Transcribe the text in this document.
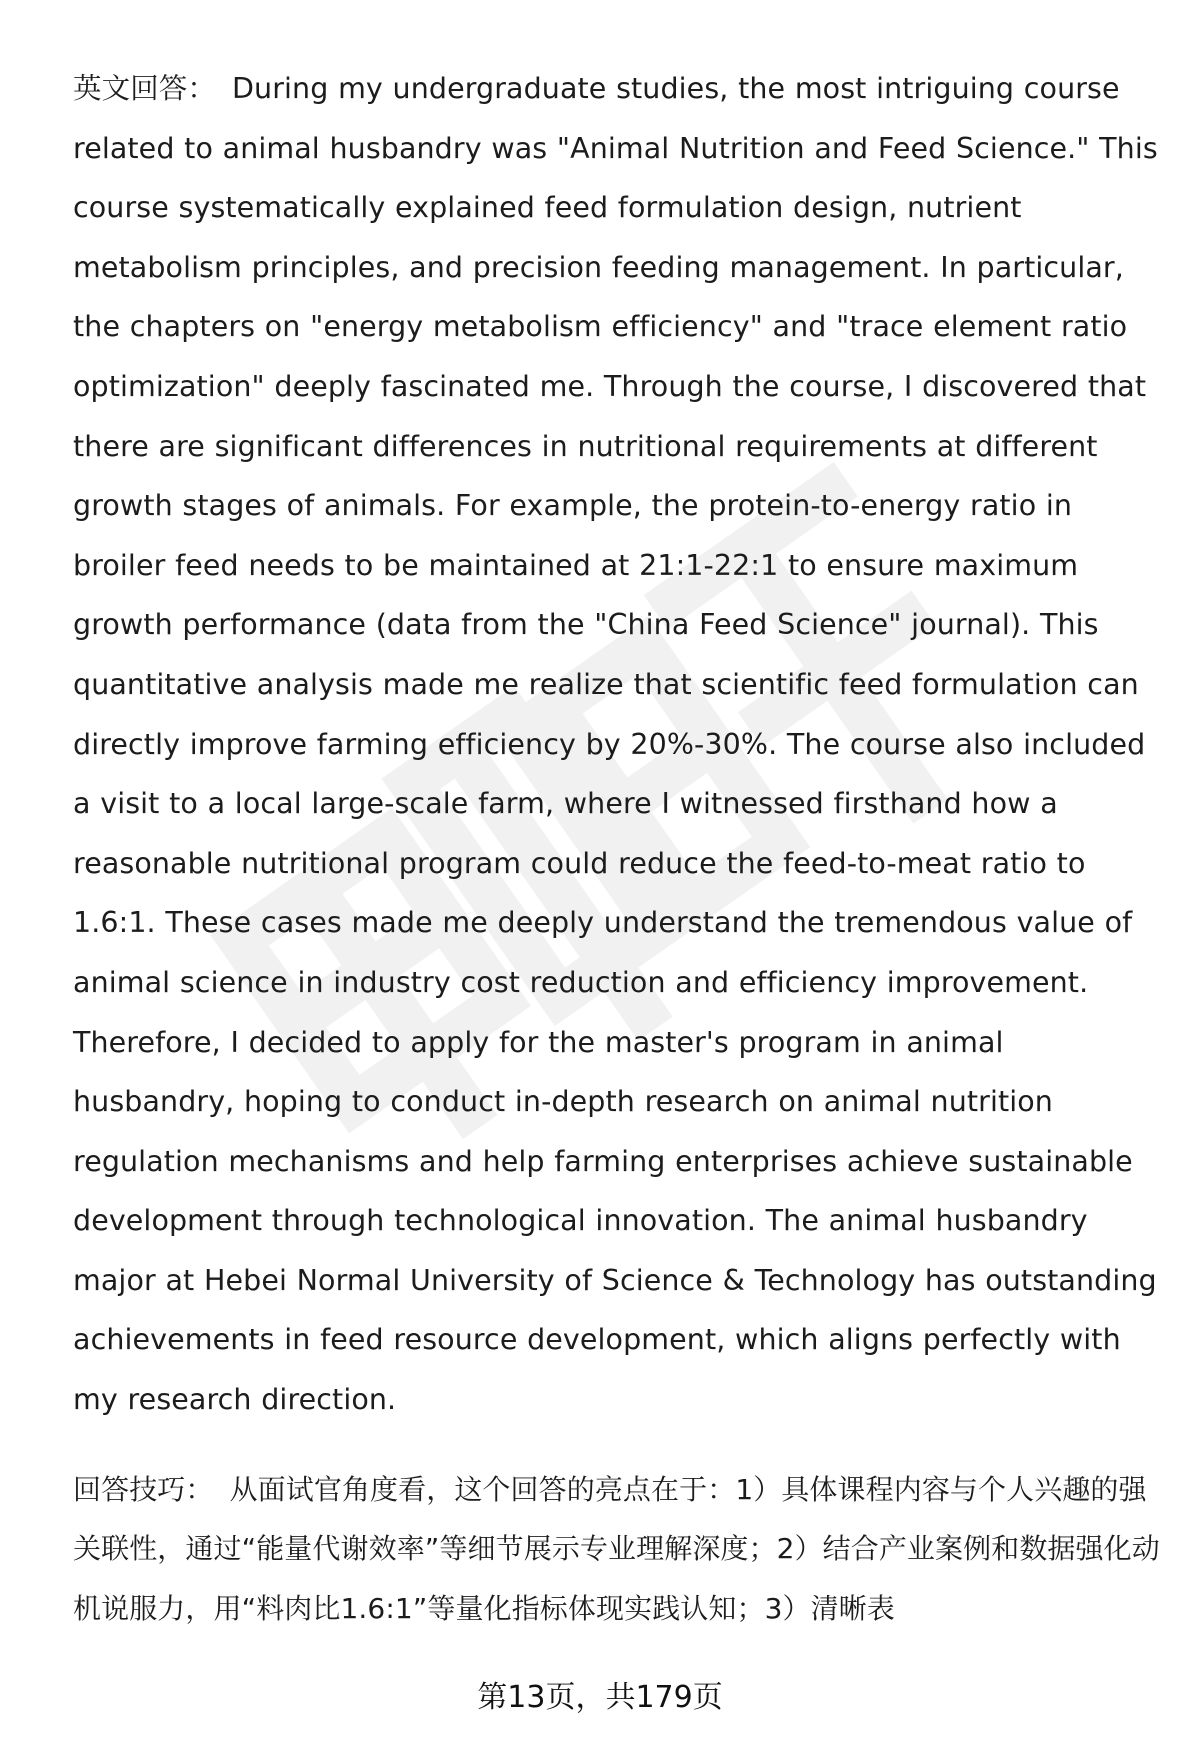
英文回答： During my undergraduate studies, the most intriguing course related to animal husbandry was "Animal Nutrition and Feed Science." This course systematically explained feed formulation design, nutrient metabolism principles, and precision feeding management. In particular, the chapters on "energy metabolism efficiency" and "trace element ratio optimization" deeply fascinated me. Through the course, I discovered that there are significant differences in nutritional requirements at different growth stages of animals. For example, the protein-to-energy ratio in broiler feed needs to be maintained at 21:1-22:1 to ensure maximum growth performance (data from the "China Feed Science" journal). This quantitative analysis made me realize that scientific feed formulation can directly improve farming efficiency by 20%-30%. The course also included a visit to a local large-scale farm, where I witnessed firsthand how a reasonable nutritional program could reduce the feed-to-meat ratio to 1.6:1. These cases made me deeply understand the tremendous value of animal science in industry cost reduction and efficiency improvement. Therefore, I decided to apply for the master's program in animal husbandry, hoping to conduct in-depth research on animal nutrition regulation mechanisms and help farming enterprises achieve sustainable development through technological innovation. The animal husbandry major at Hebei Normal University of Science & Technology has outstanding achievements in feed resource development, which aligns perfectly with my research direction.

回答技巧： 从面试官角度看，这个回答的亮点在于：1）具体课程内容与个人兴趣的强关联性，通过“能量代谢效率”等细节展示专业理解深度；2）结合产业案例和数据强化动机说服力，用“料肉比1.6:1”等量化指标体现实践认知；3）清晰表

第13页，共179页
